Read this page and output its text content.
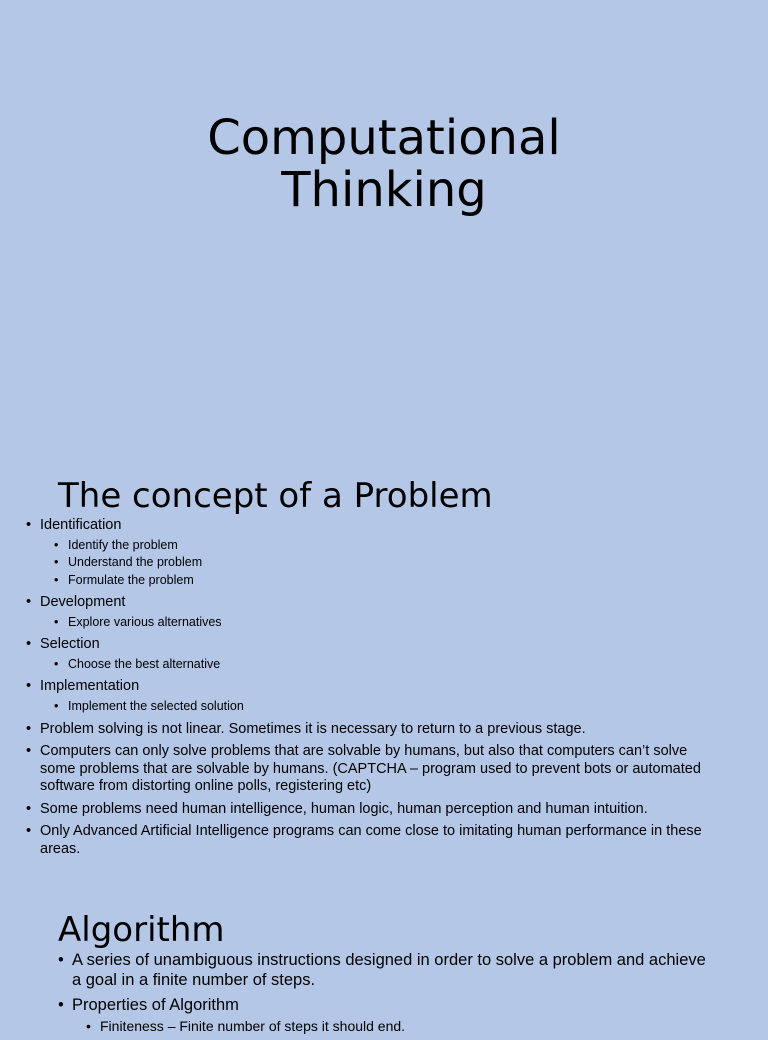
Computational
Thinking
The concept of a Problem
• Identification
• Identify the problem
• Understand the problem
• Formulate the problem
• Development
• Explore various alternatives
• Selection
• Choose the best alternative
• Implementation
• Implement the selected solution
• Problem solving is not linear. Sometimes it is necessary to return to a previous stage.
• Computers can only solve problems that are solvable by humans, but also that computers can’t solve some problems that are solvable by humans. (CAPTCHA – program used to prevent bots or automated software from distorting online polls, registering etc)
• Some problems need human intelligence, human logic, human perception and human intuition.
• Only Advanced Artificial Intelligence programs can come close to imitating human performance in these areas.
Algorithm
• A series of unambiguous instructions designed in order to solve a problem and achieve a goal in a finite number of steps.
• Properties of Algorithm
• Finiteness – Finite number of steps it should end.
